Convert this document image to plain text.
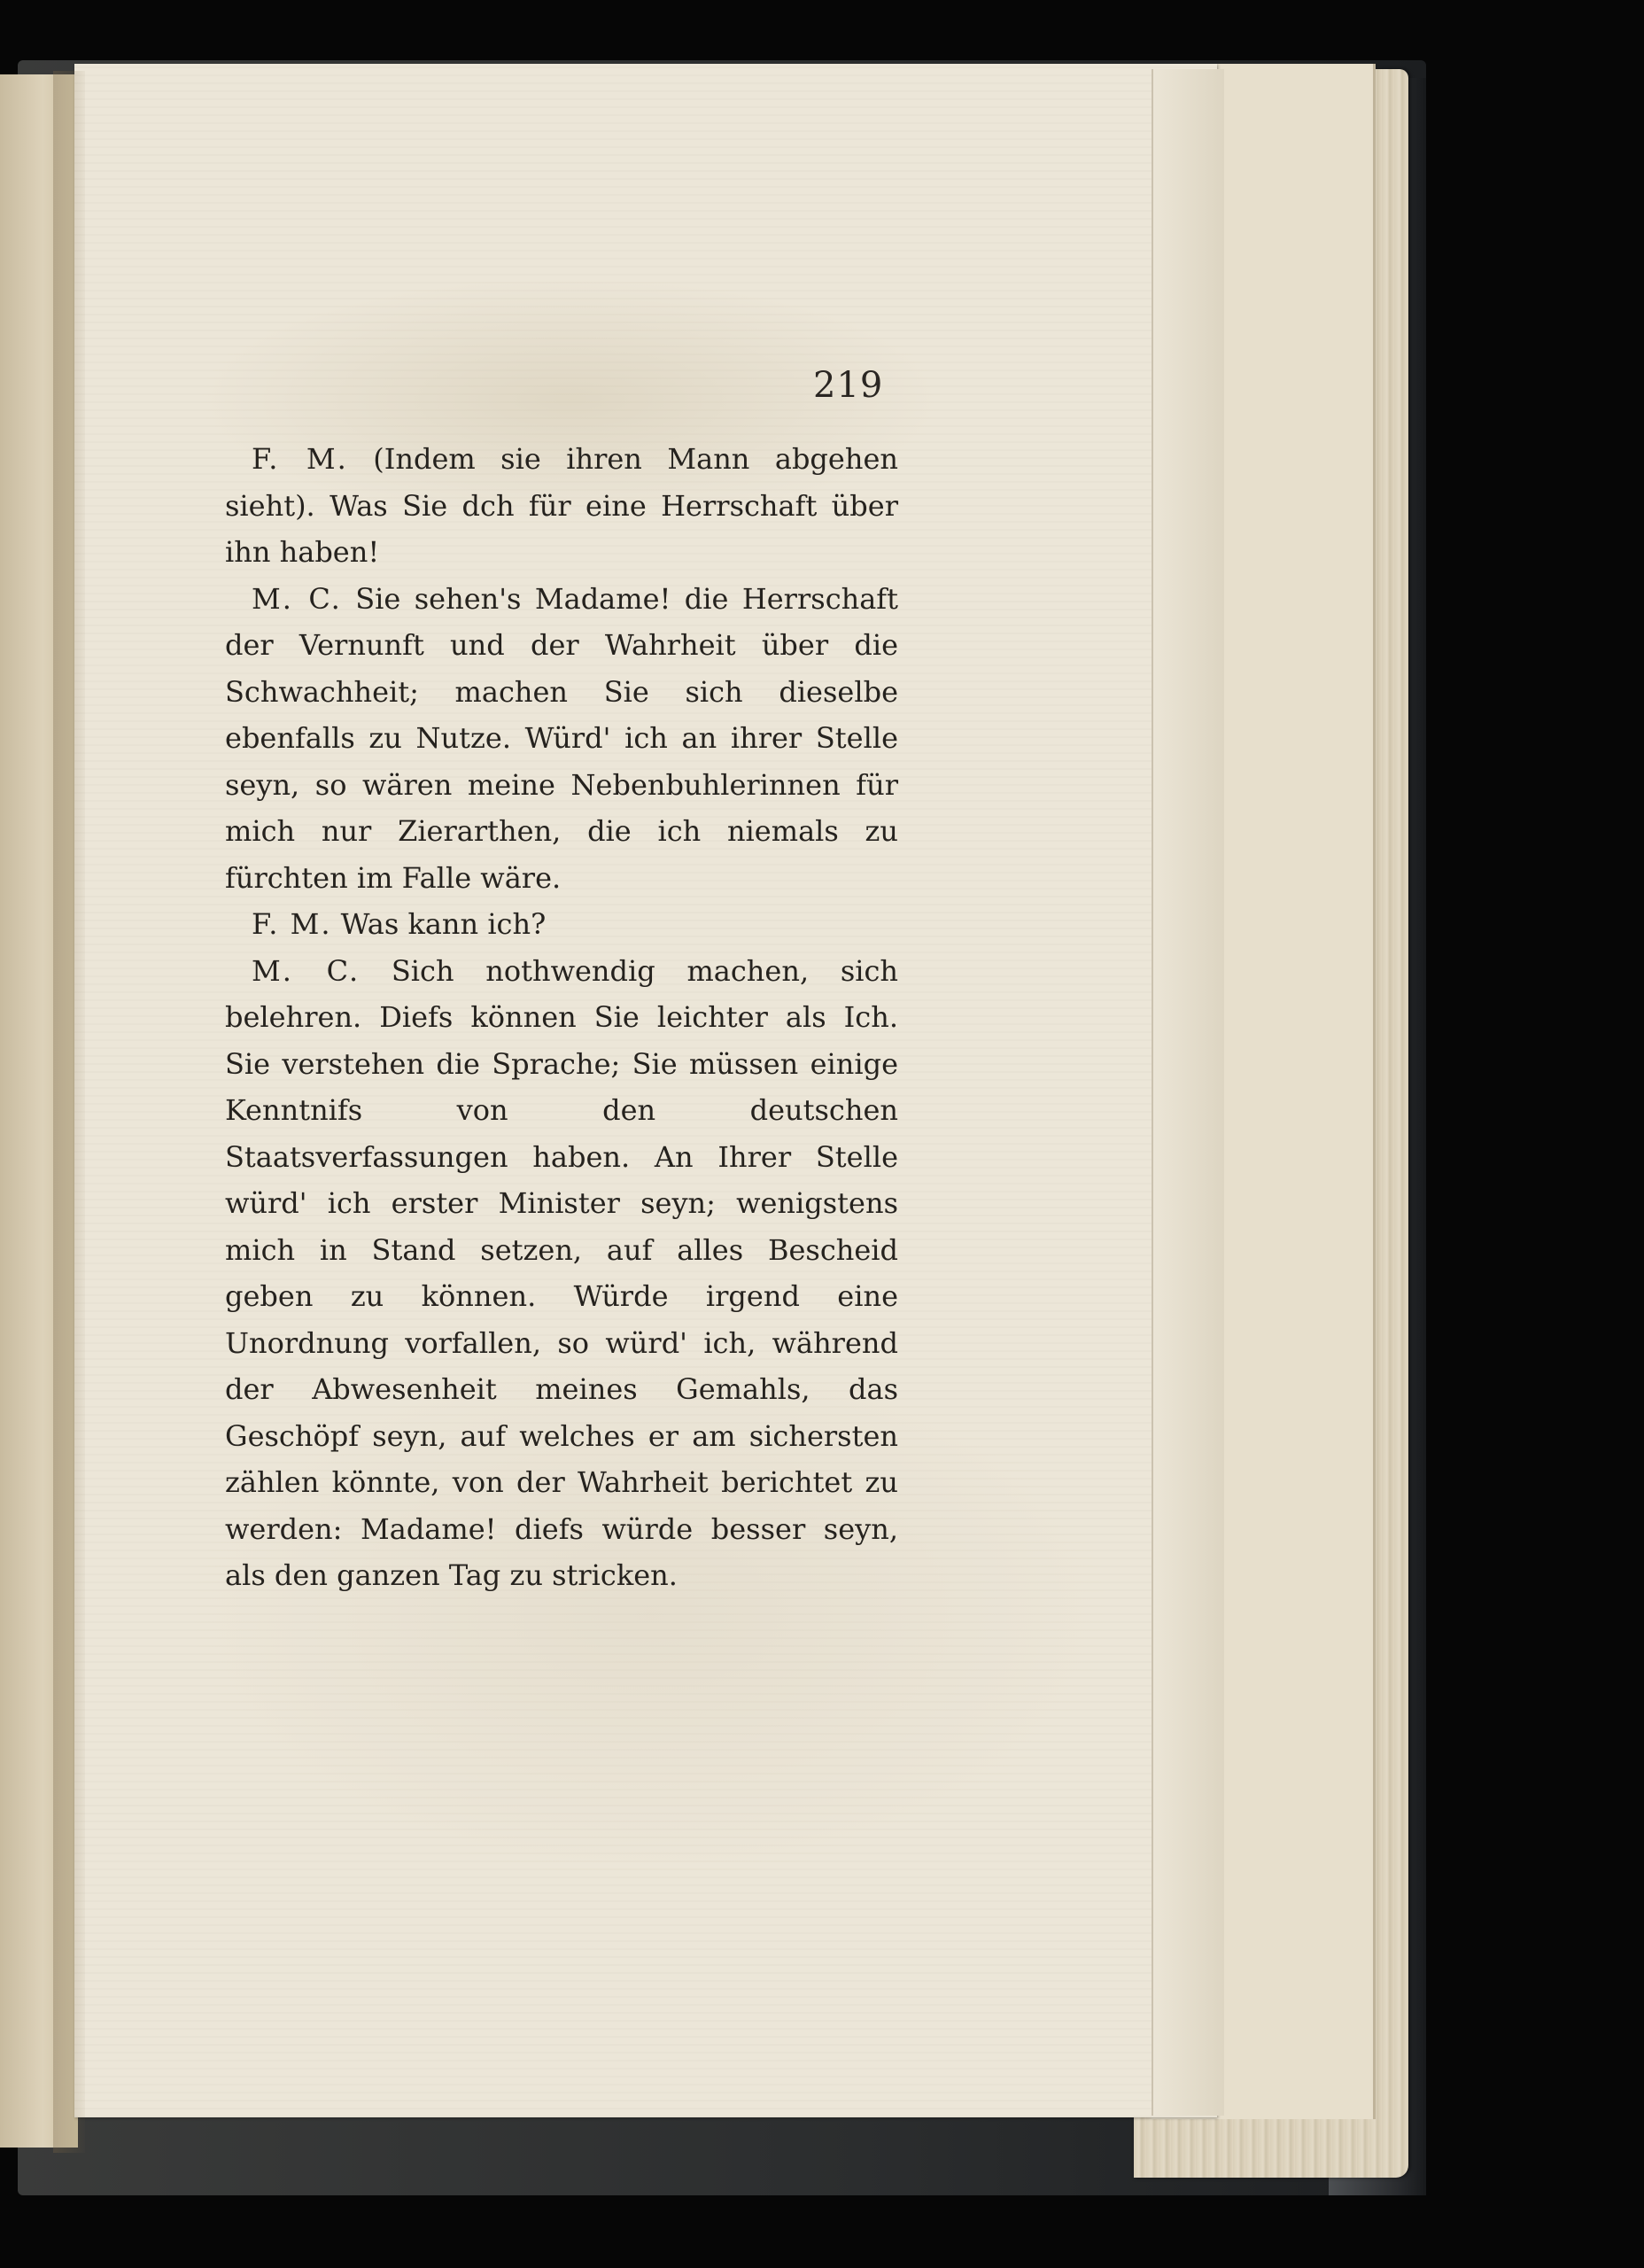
219

F. M. (Indem sie ihren Mann abgehen sieht). Was Sie dch für eine Herrschaft über ihn haben!

M. C. Sie sehen's Madame! die Herrschaft der Vernunft und der Wahrheit über die Schwachheit; machen Sie sich dieselbe ebenfalls zu Nutze. Würd' ich an ihrer Stelle seyn, so wären meine Nebenbuhlerinnen für mich nur Zierarthen, die ich niemals zu fürchten im Falle wäre.

F. M. Was kann ich?

M. C. Sich nothwendig machen, sich belehren. Diefs können Sie leichter als Ich. Sie verstehen die Sprache; Sie müssen einige Kenntnifs von den deutschen Staatsverfassungen haben. An Ihrer Stelle würd' ich erster Minister seyn; wenigstens mich in Stand setzen, auf alles Bescheid geben zu können. Würde irgend eine Unordnung vorfallen, so würd' ich, während der Abwesenheit meines Gemahls, das Geschöpf seyn, auf welches er am sichersten zählen könnte, von der Wahrheit berichtet zu werden: Madame! diefs würde besser seyn, als den ganzen Tag zu stricken.
